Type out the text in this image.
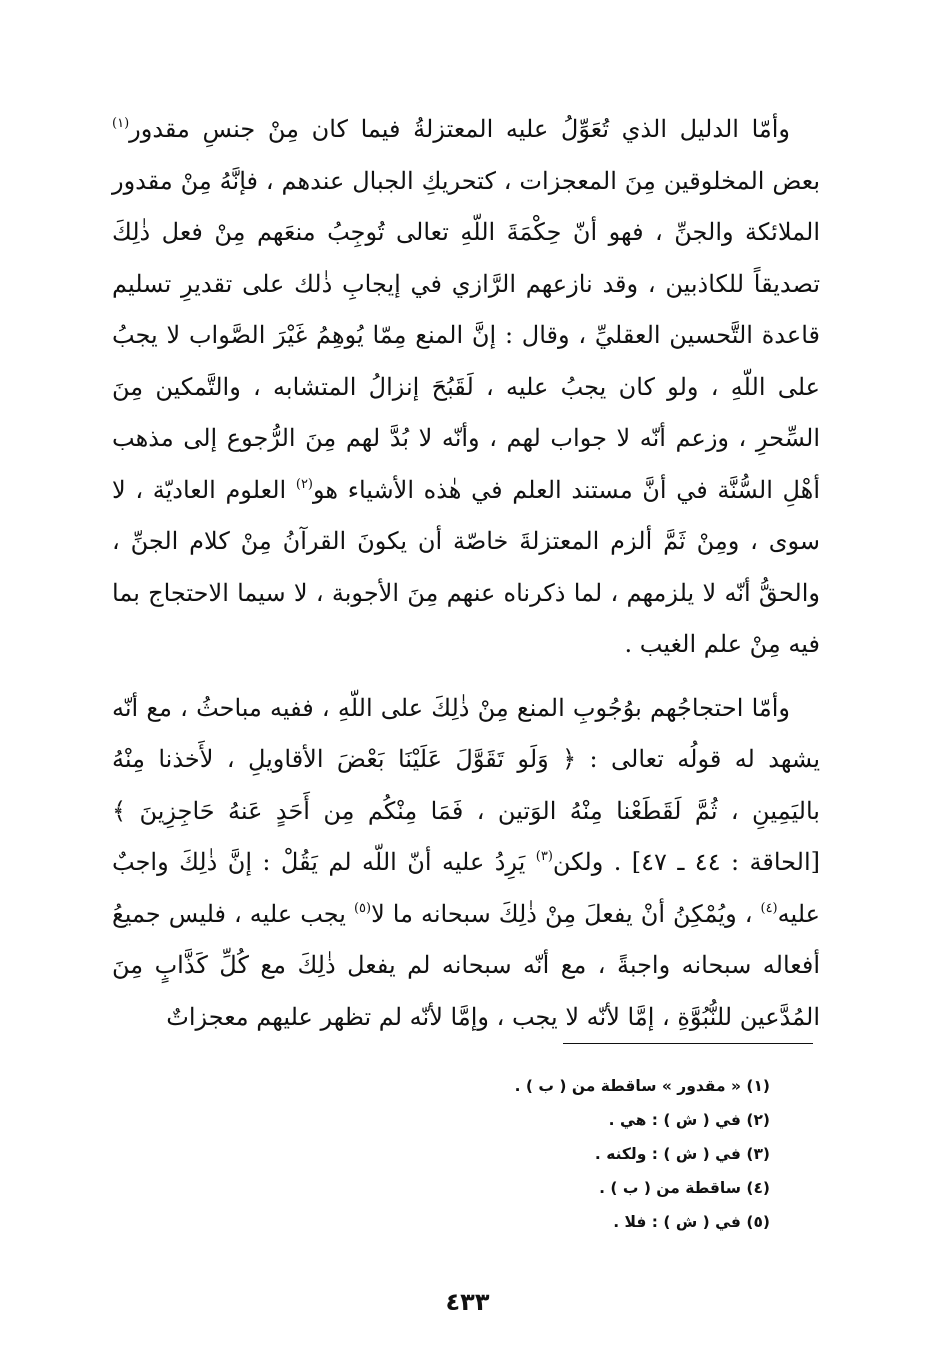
وأمّا الدليل الذي تُعَوِّلُ عليه المعتزلةُ فيما كان مِنْ جنسِ مقدور$^{(١)}$ بعض المخلوقين مِنَ المعجزات ، كتحريكِ الجبال عندهم ، فإنَّهُ مِنْ مقدور الملائكة والجنِّ ، فهو أنّ حِكْمَةَ اللّهِ تعالى تُوجِبُ منعَهم مِنْ فعل ذٰلِكَ تصديقاً للكاذبين ، وقد نازعهم الرَّازي في إيجابِ ذٰلك على تقديرِ تسليم قاعدة التَّحسين العقليِّ ، وقال : إنَّ المنع مِمّا يُوهِمُ غَيْرَ الصَّواب لا يجبُ على اللّهِ ، ولو كان يجبُ عليه ، لَقَبُحَ إنزالُ المتشابه ، والتَّمكين مِنَ السِّحرِ ، وزعم أنّه لا جواب لهم ، وأنّه لا بُدَّ لهم مِنَ الرُّجوع إلى مذهب أهْلِ السُّنَّة في أنَّ مستند العلم في هٰذه الأشياء هو$^{(٢)}$ العلوم العاديّة ، لا سوى ، ومِنْ ثَمَّ ألزم المعتزلةَ خاصّة أن يكونَ القرآنُ مِنْ كلام الجنِّ ، والحقُّ أنّه لا يلزمهم ، لما ذكرناه عنهم مِنَ الأجوبة ، لا سيما الاحتجاج بما فيه مِنْ علم الغيب .

وأمّا احتجاجُهم بوُجُوبِ المنع مِنْ ذٰلِكَ على اللّهِ ، ففيه مباحثُ ، مع أنّه يشهد له قولُه تعالى : ﴿ وَلَو تَقَوَّلَ عَلَيْنَا بَعْضَ الأقاويلِ ، لأَخذنا مِنْهُ باليَمِينِ ، ثُمَّ لَقَطَعْنا مِنْهُ الوَتين ، فَمَا مِنْكُم مِن أَحَدٍ عَنهُ حَاجِزِينَ ﴾ [الحاقة : ٤٤ ـ ٤٧] . ولكن$^{(٣)}$ يَرِدُ عليه أنّ اللّه لم يَقُلْ : إنَّ ذٰلِكَ واجبٌ عليه$^{(٤)}$ ، ويُمْكِنُ أنْ يفعلَ مِنْ ذٰلِكَ سبحانه ما لا$^{(٥)}$ يجب عليه ، فليس جميعُ أفعاله سبحانه واجبةً ، مع أنّه سبحانه لم يفعل ذٰلِكَ مع كُلِّ كَذَّابٍ مِنَ المُدَّعين للنُّبُوَّةِ ، إمَّا لأنّه لا يجب ، وإمَّا لأنّه لم تظهر عليهم معجزاتٌ

(١) « مقدور » ساقطة من ( ب ) .
(٢) في ( ش ) : هي .
(٣) في ( ش ) : ولكنه .
(٤) ساقطة من ( ب ) .
(٥) في ( ش ) : فلا .
٤٣٣
